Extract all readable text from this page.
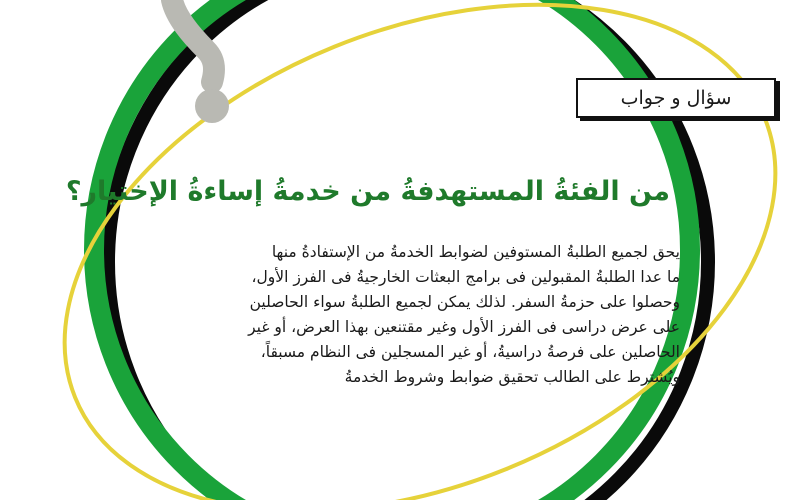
سؤال و جواب
من الفئةُ المستهدفةُ من خدمةُ إساءةُ الإختيار؟
يحق لجميع الطلبةُ المستوفين لضوابط الخدمةُ من الإستفادةُ منها
ما عدا الطلبةُ المقبولين فى برامج البعثات الخارجيةُ فى الفرز الأول،
وحصلوا على حزمةُ السفر. لذلك يمكن لجميع الطلبةُ سواء الحاصلين
على عرض دراسى فى الفرز الأول وغير مقتنعين بهذا العرض، أو غير
الحاصلين على فرصةُ دراسيةُ، أو غير المسجلين فى النظام مسبقاً،
ويُشترط على الطالب تحقيق ضوابط وشروط الخدمةُ
